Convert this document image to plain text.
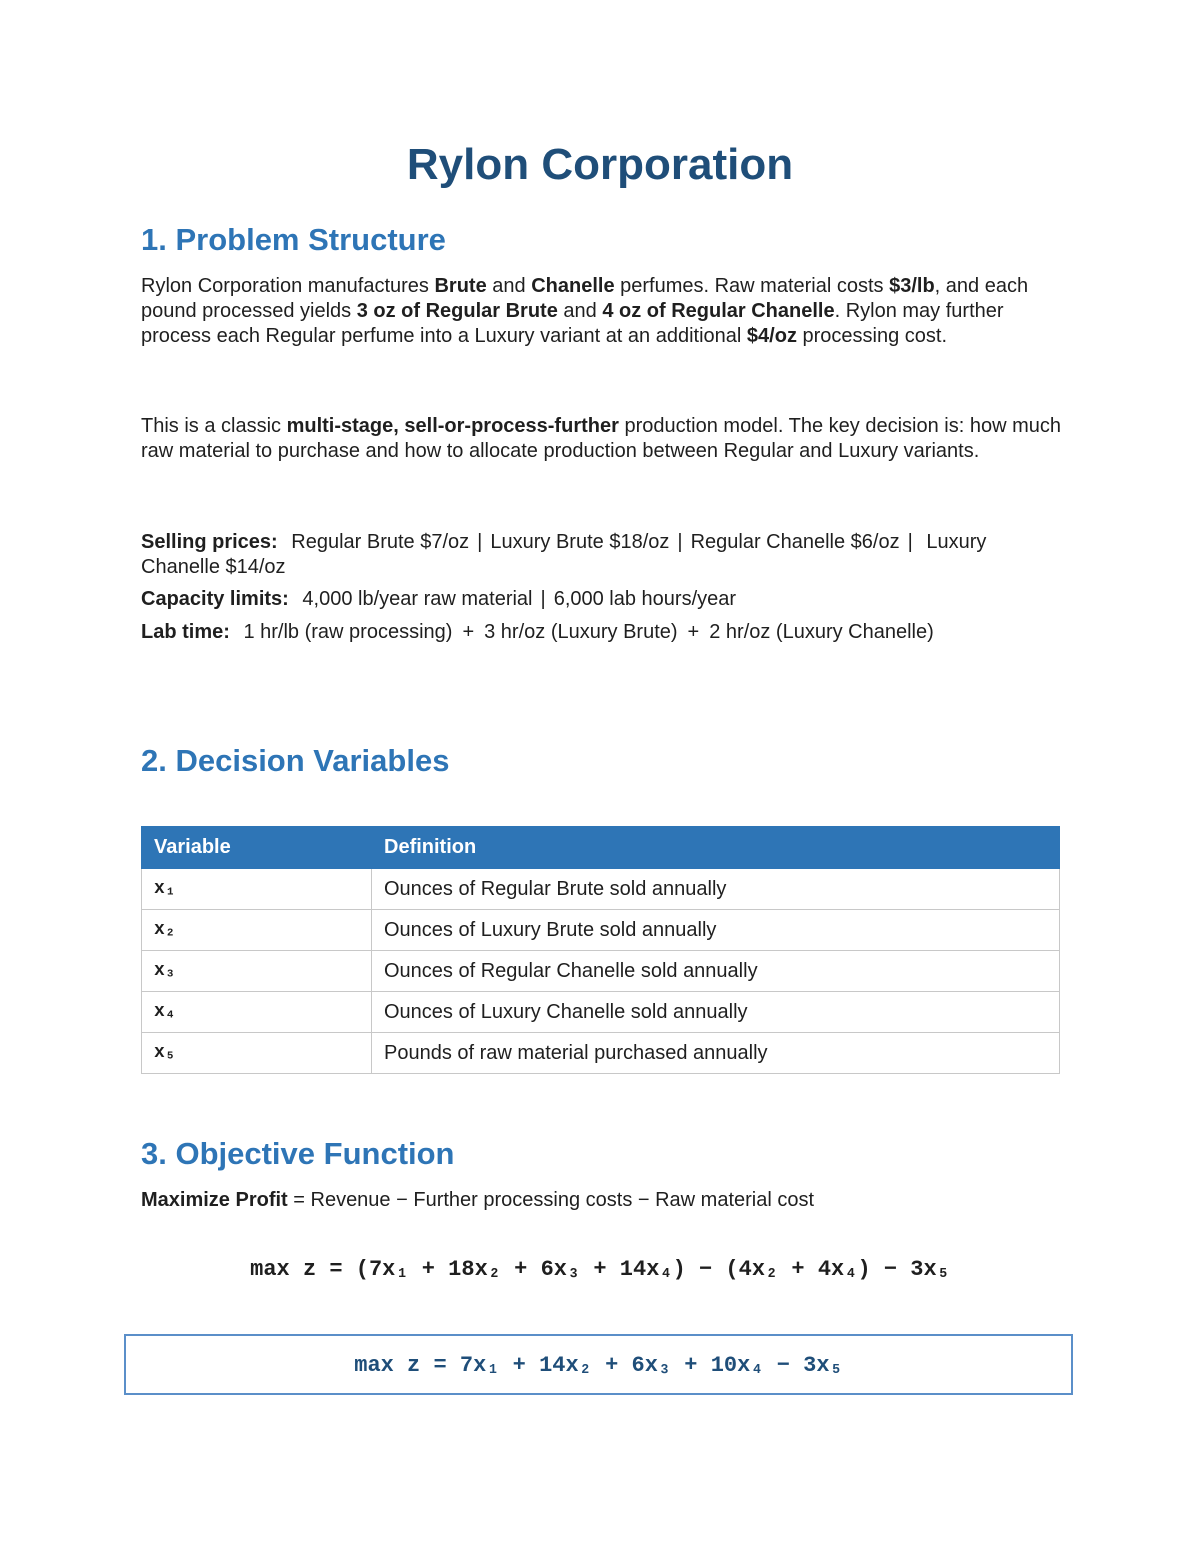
Rylon Corporation
1. Problem Structure

Rylon Corporation manufactures Brute and Chanelle perfumes. Raw material costs $3/lb, and each pound processed yields 3 oz of Regular Brute and 4 oz of Regular Chanelle. Rylon may further process each Regular perfume into a Luxury variant at an additional $4/oz processing cost.

This is a classic multi-stage, sell-or-process-further production model. The key decision is: how much raw material to purchase and how to allocate production between Regular and Luxury variants.

Selling prices: Regular Brute $7/oz | Luxury Brute $18/oz | Regular Chanelle $6/oz | Luxury Chanelle $14/oz

Capacity limits: 4,000 lb/year raw material | 6,000 lab hours/year

Lab time: 1 hr/lb (raw processing) + 3 hr/oz (Luxury Brute) + 2 hr/oz (Luxury Chanelle)

2. Decision Variables
Variable	Definition
x₁	Ounces of Regular Brute sold annually
x₂	Ounces of Luxury Brute sold annually
x₃	Ounces of Regular Chanelle sold annually
x₄	Ounces of Luxury Chanelle sold annually
x₅	Pounds of raw material purchased annually
3. Objective Function

Maximize Profit = Revenue − Further processing costs − Raw material cost

max z = (7x₁ + 18x₂ + 6x₃ + 14x₄) − (4x₂ + 4x₄) − 3x₅

max z = 7x₁ + 14x₂ + 6x₃ + 10x₄ − 3x₅
